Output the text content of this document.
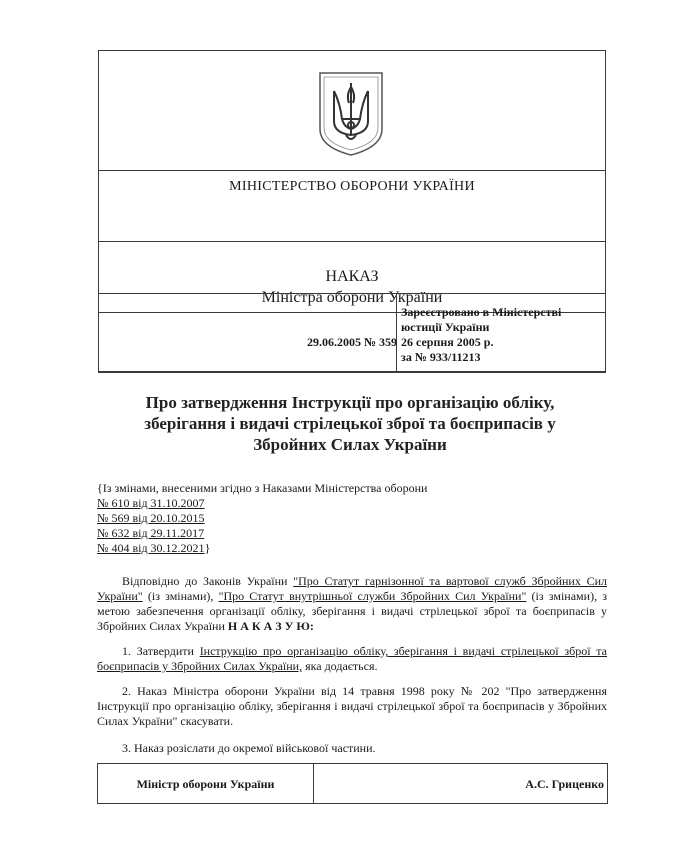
МІНІСТЕРСТВО ОБОРОНИ УКРАЇНИ
НАКАЗ
Міністра оборони України
29.06.2005 № 359
Зареєстровано в Міністерстві
юстиції України
26 серпня 2005 р.
за № 933/11213
Про затвердження Інструкції про організацію обліку,
зберігання і видачі стрілецької зброї та боєприпасів у
Збройних Силах України
{Із змінами, внесеними згідно з Наказами Міністерства оборони
№ 610 від 31.10.2007
№ 569 від 20.10.2015
№ 632 від 29.11.2017
№ 404 від 30.12.2021}
Відповідно до Законів України "Про Статут гарнізонної та вартової служб Збройних Сил України" (із змінами), "Про Статут внутрішньої служби Збройних Сил України" (із змінами), з метою забезпечення організації обліку, зберігання і видачі стрілецької зброї та боєприпасів у Збройних Силах України Н А К А З У Ю:
1. Затвердити Інструкцію про організацію обліку, зберігання і видачі стрілецької зброї та боєприпасів у Збройних Силах України, яка додається.
2. Наказ Міністра оборони України від 14 травня 1998 року № 202 "Про затвердження Інструкції про організацію обліку, зберігання і видачі стрілецької зброї та боєприпасів у Збройних Силах України" скасувати.
3. Наказ розіслати до окремої військової частини.
Міністр оборони України	А.С. Гриценко
